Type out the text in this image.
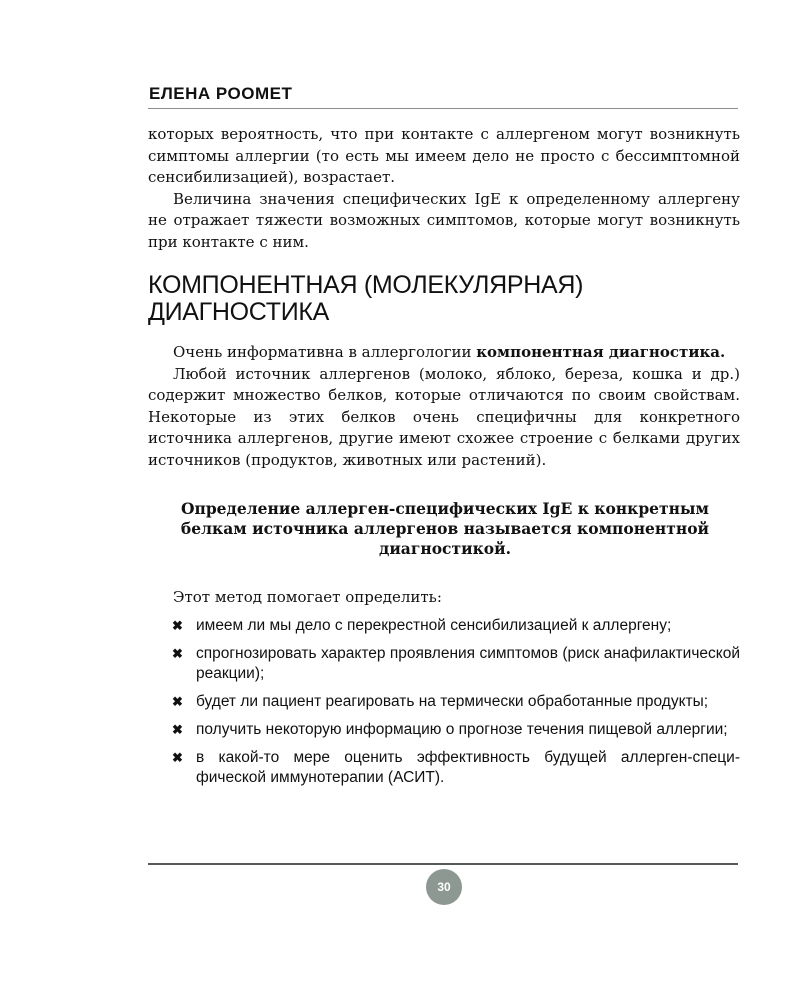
ЕЛЕНА РООМЕТ

которых вероятность, что при контакте с аллергеном могут возникнуть симптомы аллергии (то есть мы имеем дело не просто с бессимптомной сенсибилизацией), возрастает.

Величина значения специфических IgE к определенному аллергену не отражает тяжести возможных симптомов, которые могут возникнуть при контакте с ним.

КОМПОНЕНТНАЯ (МОЛЕКУЛЯРНАЯ)
ДИАГНОСТИКА

Очень информативна в аллергологии компонентная диагностика.

Любой источник аллергенов (молоко, яблоко, береза, кошка и др.) содержит множество белков, которые отличаются по своим свойствам. Некоторые из этих белков очень специфичны для конкретного источника аллергенов, другие имеют схожее строение с белками других источников (продуктов, животных или растений).

Определение аллерген-специфических IgE к конкретным белкам источника аллергенов называется компонентной диагностикой.

Этот метод помогает определить:

✖ имеем ли мы дело с перекрестной сенсибилизацией к аллергену;
✖ спрогнозировать характер проявления симптомов (риск анафилактической реакции);
✖ будет ли пациент реагировать на термически обработанные продукты;
✖ получить некоторую информацию о прогнозе течения пищевой аллергии;
✖ в какой-то мере оценить эффективность будущей аллерген-специфической иммунотерапии (АСИТ).
30
